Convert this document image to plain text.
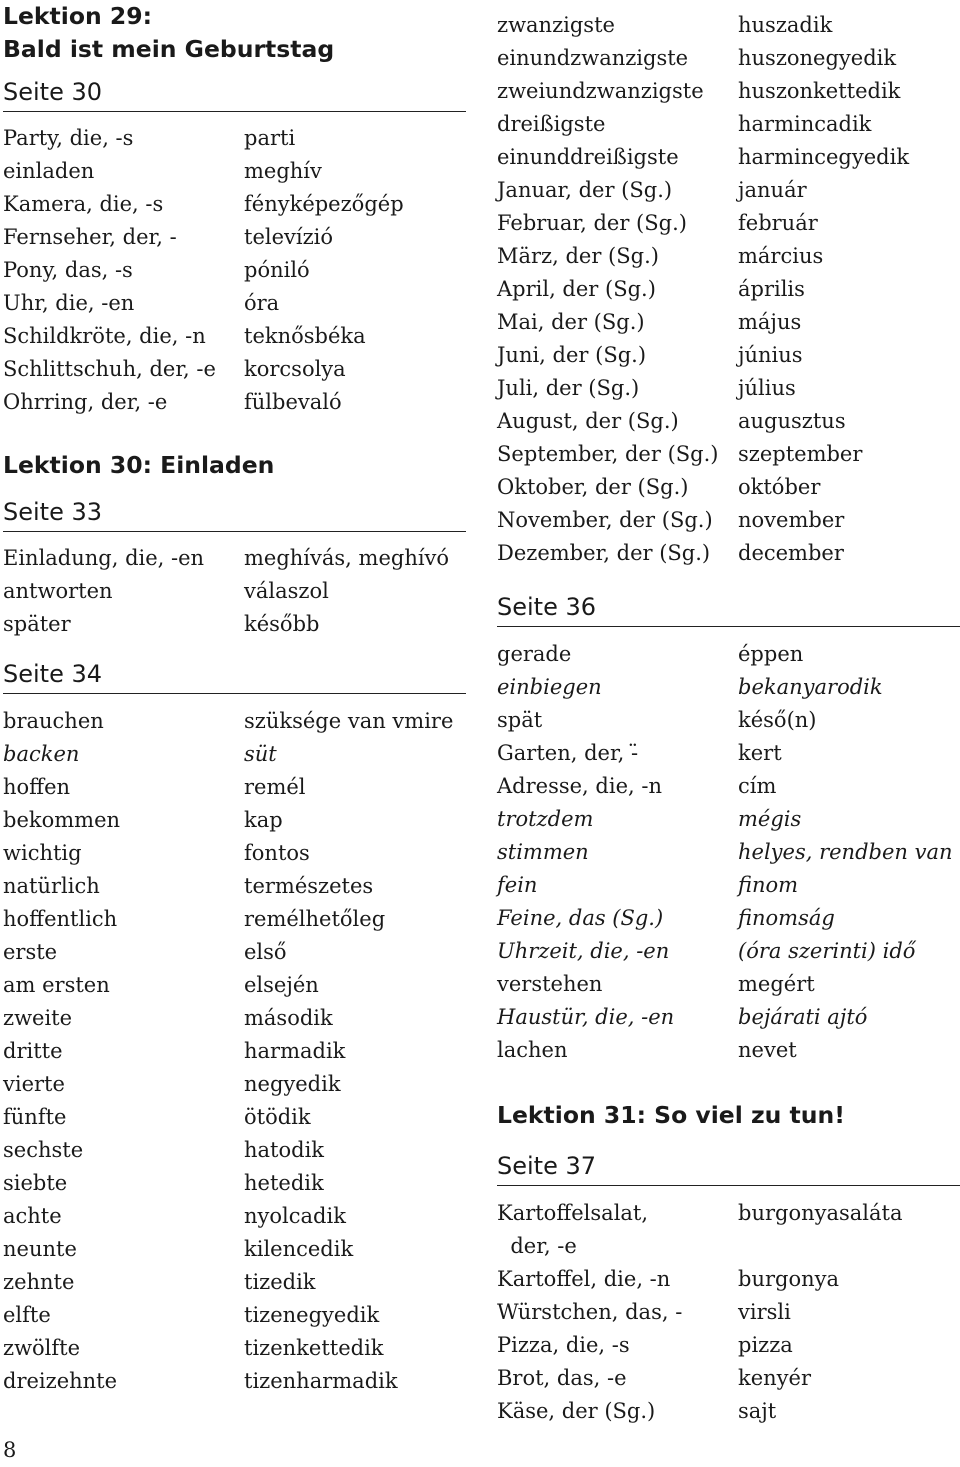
Lektion 29:
Bald ist mein Geburtstag
Seite 30
Party, die, -s	parti
einladen	meghív
Kamera, die, -s	fényképezőgép
Fernseher, der, -	televízió
Pony, das, -s	póniló
Uhr, die, -en	óra
Schildkröte, die, -n	teknősbéka
Schlittschuh, der, -e	korcsolya
Ohrring, der, -e	fülbevaló
Lektion 30: Einladen
Seite 33
Einladung, die, -en	meghívás, meghívó
antworten	válaszol
später	később
Seite 34
brauchen	szüksége van vmire
backen	süt
hoffen	remél
bekommen	kap
wichtig	fontos
natürlich	természetes
hoffentlich	remélhetőleg
erste	első
am ersten	elsején
zweite	második
dritte	harmadik
vierte	negyedik
fünfte	ötödik
sechste	hatodik
siebte	hetedik
achte	nyolcadik
neunte	kilencedik
zehnte	tizedik
elfte	tizenegyedik
zwölfte	tizenkettedik
dreizehnte	tizenharmadik
zwanzigste	huszadik
einundzwanzigste	huszonegyedik
zweiundzwanzigste	huszonkettedik
dreißigste	harmincadik
einunddreißigste	harmincegyedik
Januar, der (Sg.)	január
Februar, der (Sg.)	február
März, der (Sg.)	március
April, der (Sg.)	április
Mai, der (Sg.)	május
Juni, der (Sg.)	június
Juli, der (Sg.)	július
August, der (Sg.)	augusztus
September, der (Sg.) szeptember
Oktober, der (Sg.)	október
November, der (Sg.)	november
Dezember, der (Sg.)	december
Seite 36
gerade	éppen
einbiegen	bekanyarodik
spät	késő(n)
Garten, der, -̈	kert
Adresse, die, -n	cím
trotzdem	mégis
stimmen	helyes, rendben van
fein	finom
Feine, das (Sg.)	finomság
Uhrzeit, die, -en	(óra szerinti) idő
verstehen	megért
Haustür, die, -en	bejárati ajtó
lachen	nevet
Lektion 31: So viel zu tun!
Seite 37
Kartoffelsalat,	burgonyasaláta
der, -e
Kartoffel, die, -n	burgonya
Würstchen, das, -	virsli
Pizza, die, -s	pizza
Brot, das, -e	kenyér
Käse, der (Sg.)	sajt
8
